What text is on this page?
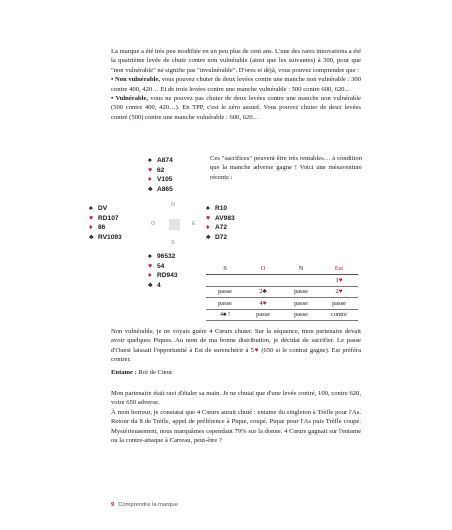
La marque a été très peu modifiée en un peu plus de cent ans. L'une des rares innovations a été la quatrième levée de chute contre non vulnérable (ainsi que les suivantes) à 300, pour que "non vulnérable" ne signifie pas "invulnérable". D'ores et déjà, vous pouvez comprendre que :
• Non vulnérable, vous pouvez chuter de deux levées contre une manche non vulnérable : 300 contre 400, 420… Et de trois levées contre une manche vulnérable : 500 contre 600, 620…
• Vulnérable, vous ne pouvez pas chuter de deux levées contre une manche non vulnérable (500 contre 400, 420…). En TPP, c'est le zéro assuré. Vous pouvez chuter de deux levées contré (500) contre une manche vulnérable : 600, 620…
♠ A874
♥ 62
♦ V105
♣ A865
♠ DV
♥ RD107
♦ 86
♣ RV1093
N
O	E
S
♠ R10
♥ AV983
♦ A72
♣ D72
♠ 96532
♥ 54
♦ RD943
♣ 4
Ces "sacrifices" peuvent être très rentables… à condition que la manche adverse gagne ! Voici une mésaventure récente :
S	O	N	Est
			1♥
passe	2♣	passe	2♥
passe	4♥	passe	passe
4♠ !	passe	passe	contre
Non vulnérable, je ne voyais guère 4 Cœurs chuter. Sur la séquence, mon partenaire devait avoir quelques Piques. Au nom de ma bonne distribution, je décidai de sacrifier. Le passe d'Ouest laissait l'opportunité à Est de surenchérir à 5♥ (650 si le contrat gagne). Est préféra contrer.
Entame : Roi de Cœur.
Mon partenaire était ravi d'étaler sa main. Je ne chutai que d'une levée contré, 100, contre 620, voire 650 adverse.
À mon horreur, je constatai que 4 Cœurs aurait chuté : entame du singleton à Trèfle pour l'As. Retour du 8 de Trèfle, appel de préférence à Pique, coupé. Pique pour l'As puis Trèfle coupé. Mystérieusement, nous marquâmes cependant 79% sur la donne. 4 Cœurs gagnait sur l'entame ou la contre-attaque à Carreau, peut-être ?
9 Comprendre la marque
